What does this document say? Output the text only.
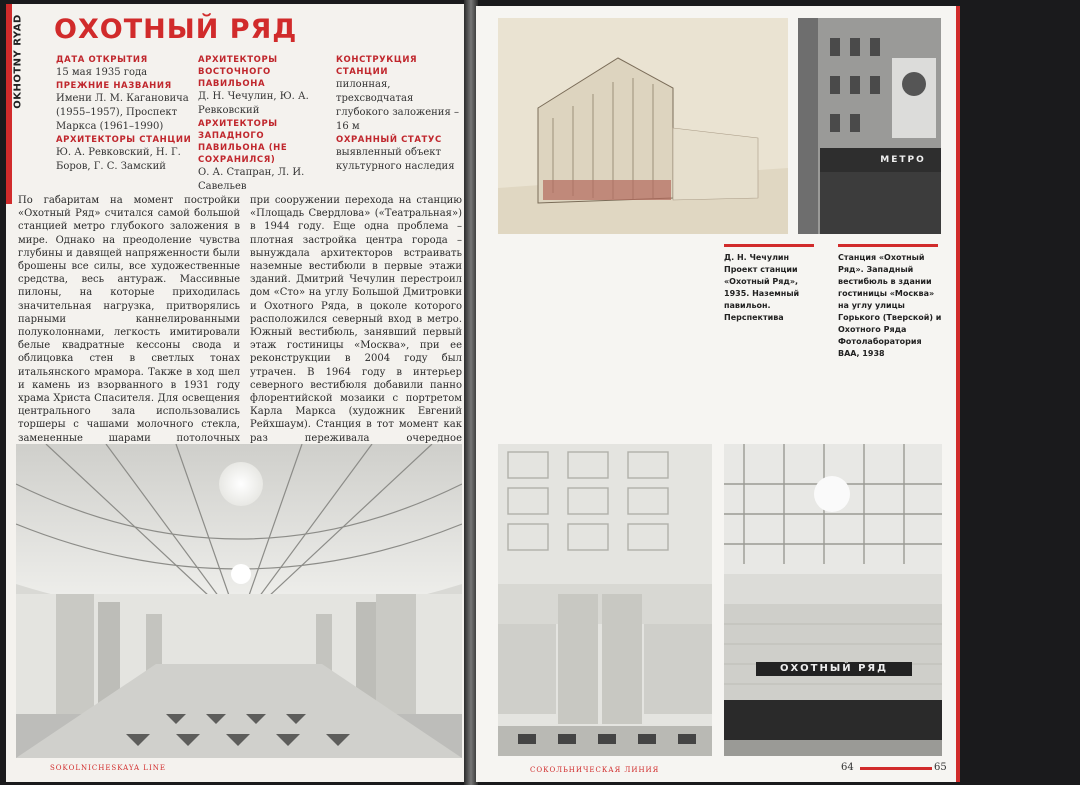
OKHOTNY RYAD ОХОТНЫЙ РЯД
ДАТА ОТКРЫТИЯ
15 мая 1935 года
ПРЕЖНИЕ НАЗВАНИЯ
Имени Л. М. Кагановича (1955–1957), Проспект Маркса (1961–1990)
АРХИТЕКТОРЫ СТАНЦИИ
Ю. А. Ревковский, Н. Г. Боров, Г. С. Замский
АРХИТЕКТОРЫ ВОСТОЧНОГО ПАВИЛЬОНА
Д. Н. Чечулин, Ю. А. Ревковский
АРХИТЕКТОРЫ ЗАПАДНОГО ПАВИЛЬОНА (НЕ СОХРАНИЛСЯ)
О. А. Стапран, Л. И. Савельев
КОНСТРУКЦИЯ СТАНЦИИ
пилонная, трехсводчатая глубокого заложения – 16 м
ОХРАННЫЙ СТАТУС
выявленный объект культурного наследия
По габаритам на момент постройки «Охотный Ряд» считался самой большой станцией метро глубокого заложения в мире. Однако на преодоление чувства глубины и давящей напряженности были брошены все силы, все художественные средства, весь антураж. Массивные пилоны, на которые приходилась значительная нагрузка, притворялись парными каннелированными полуколоннами, легкость имитировали белые квадратные кессоны свода и облицовка стен в светлых тонах итальянского мрамора. Также в ход шел и камень из взорванного в 1931 году храма Христа Спасителя. Для освещения центрального зала использовались торшеры с чашами молочного стекла, замененные шарами потолочных
при сооружении перехода на станцию «Площадь Свердлова» («Театральная») в 1944 году. Еще одна проблема – плотная застройка центра города – вынуждала архитекторов встраивать наземные вестибюли в первые этажи зданий. Дмитрий Чечулин перестроил дом «Сто» на углу Большой Дмитровки и Охотного Ряда, в цоколе которого расположился северный вход в метро. Южный вестибюль, занявший первый этаж гостиницы «Москва», при ее реконструкции в 2004 году был утрачен. В 1964 году в интерьер северного вестибюля добавили панно флорентийской мозаики с портретом Карла Маркса (художник Евгений Рейхшаум). Станция в тот момент как раз переживала очередное
SOKOLNICHESKAYA LINE
МЕТРО
Д. Н. Чечулин Проект станции «Охотный Ряд», 1935. Наземный павильон. Перспектива
Станция «Охотный Ряд». Западный вестибюль в здании гостиницы «Москва» на углу улицы Горького (Тверской) и Охотного Ряда Фотолаборатория ВАА, 1938
ОХОТНЫЙ РЯД
СОКОЛЬНИЧЕСКАЯ ЛИНИЯ	64	65
